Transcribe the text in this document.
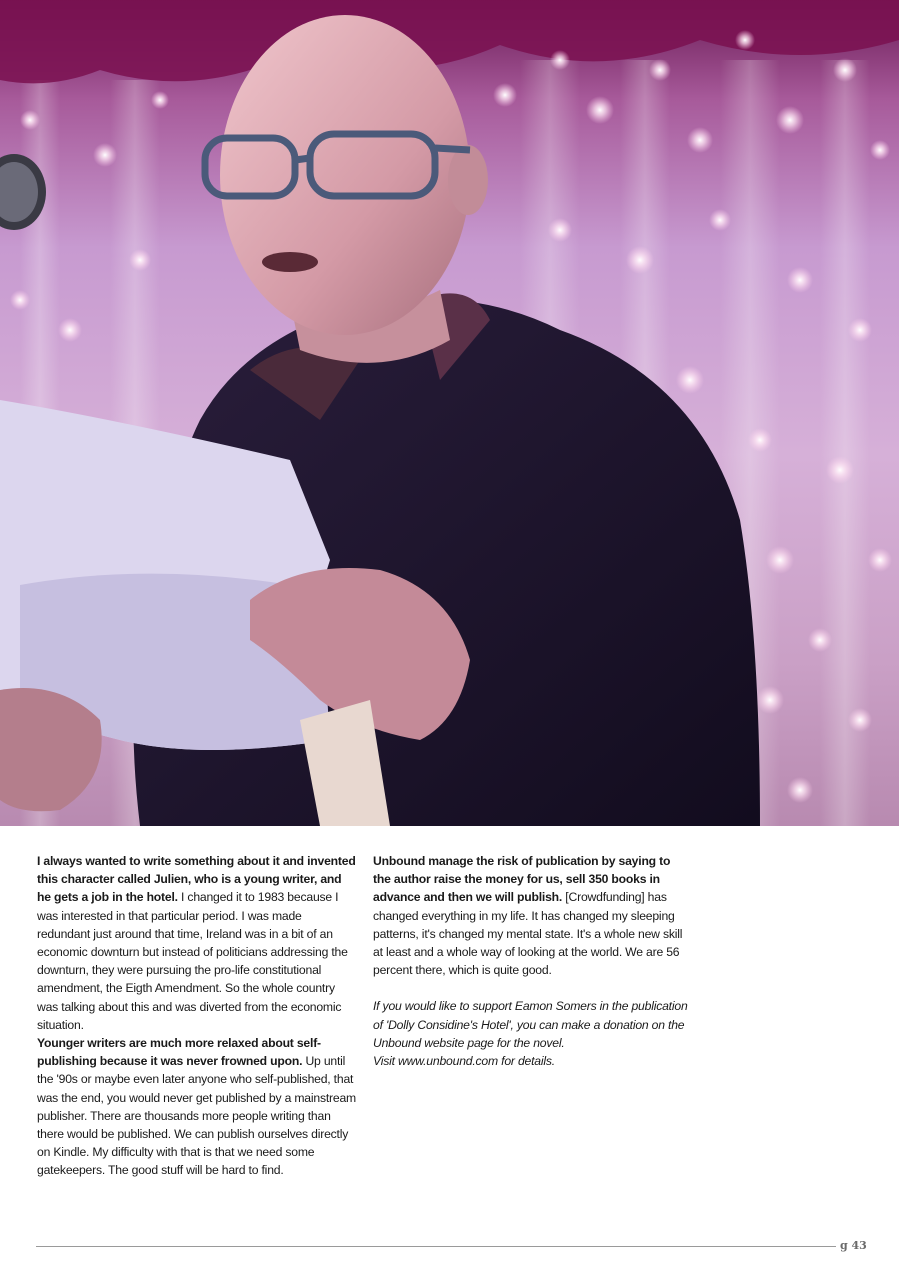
I always wanted to write something about it and invented this character called Julien, who is a young writer, and he gets a job in the hotel. I changed it to 1983 because I was interested in that particular period. I was made redundant just around that time, Ireland was in a bit of an economic downturn but instead of politicians addressing the downturn, they were pursuing the pro-life constitutional amendment, the Eigth Amendment. So the whole country was talking about this and was diverted from the economic situation.

Younger writers are much more relaxed about self-publishing because it was never frowned upon. Up until the '90s or maybe even later anyone who self-published, that was the end, you would never get published by a mainstream publisher. There are thousands more people writing than there would be published. We can publish ourselves directly on Kindle. My difficulty with that is that we need some gatekeepers. The good stuff will be hard to find.

Unbound manage the risk of publication by saying to the author raise the money for us, sell 350 books in advance and then we will publish. [Crowdfunding] has changed everything in my life. It has changed my sleeping patterns, it's changed my mental state. It's a whole new skill at least and a whole way of looking at the world. We are 56 percent there, which is quite good.

If you would like to support Eamon Somers in the publication of 'Dolly Considine's Hotel', you can make a donation on the Unbound website page for the novel.

Visit www.unbound.com for details.

g 43
